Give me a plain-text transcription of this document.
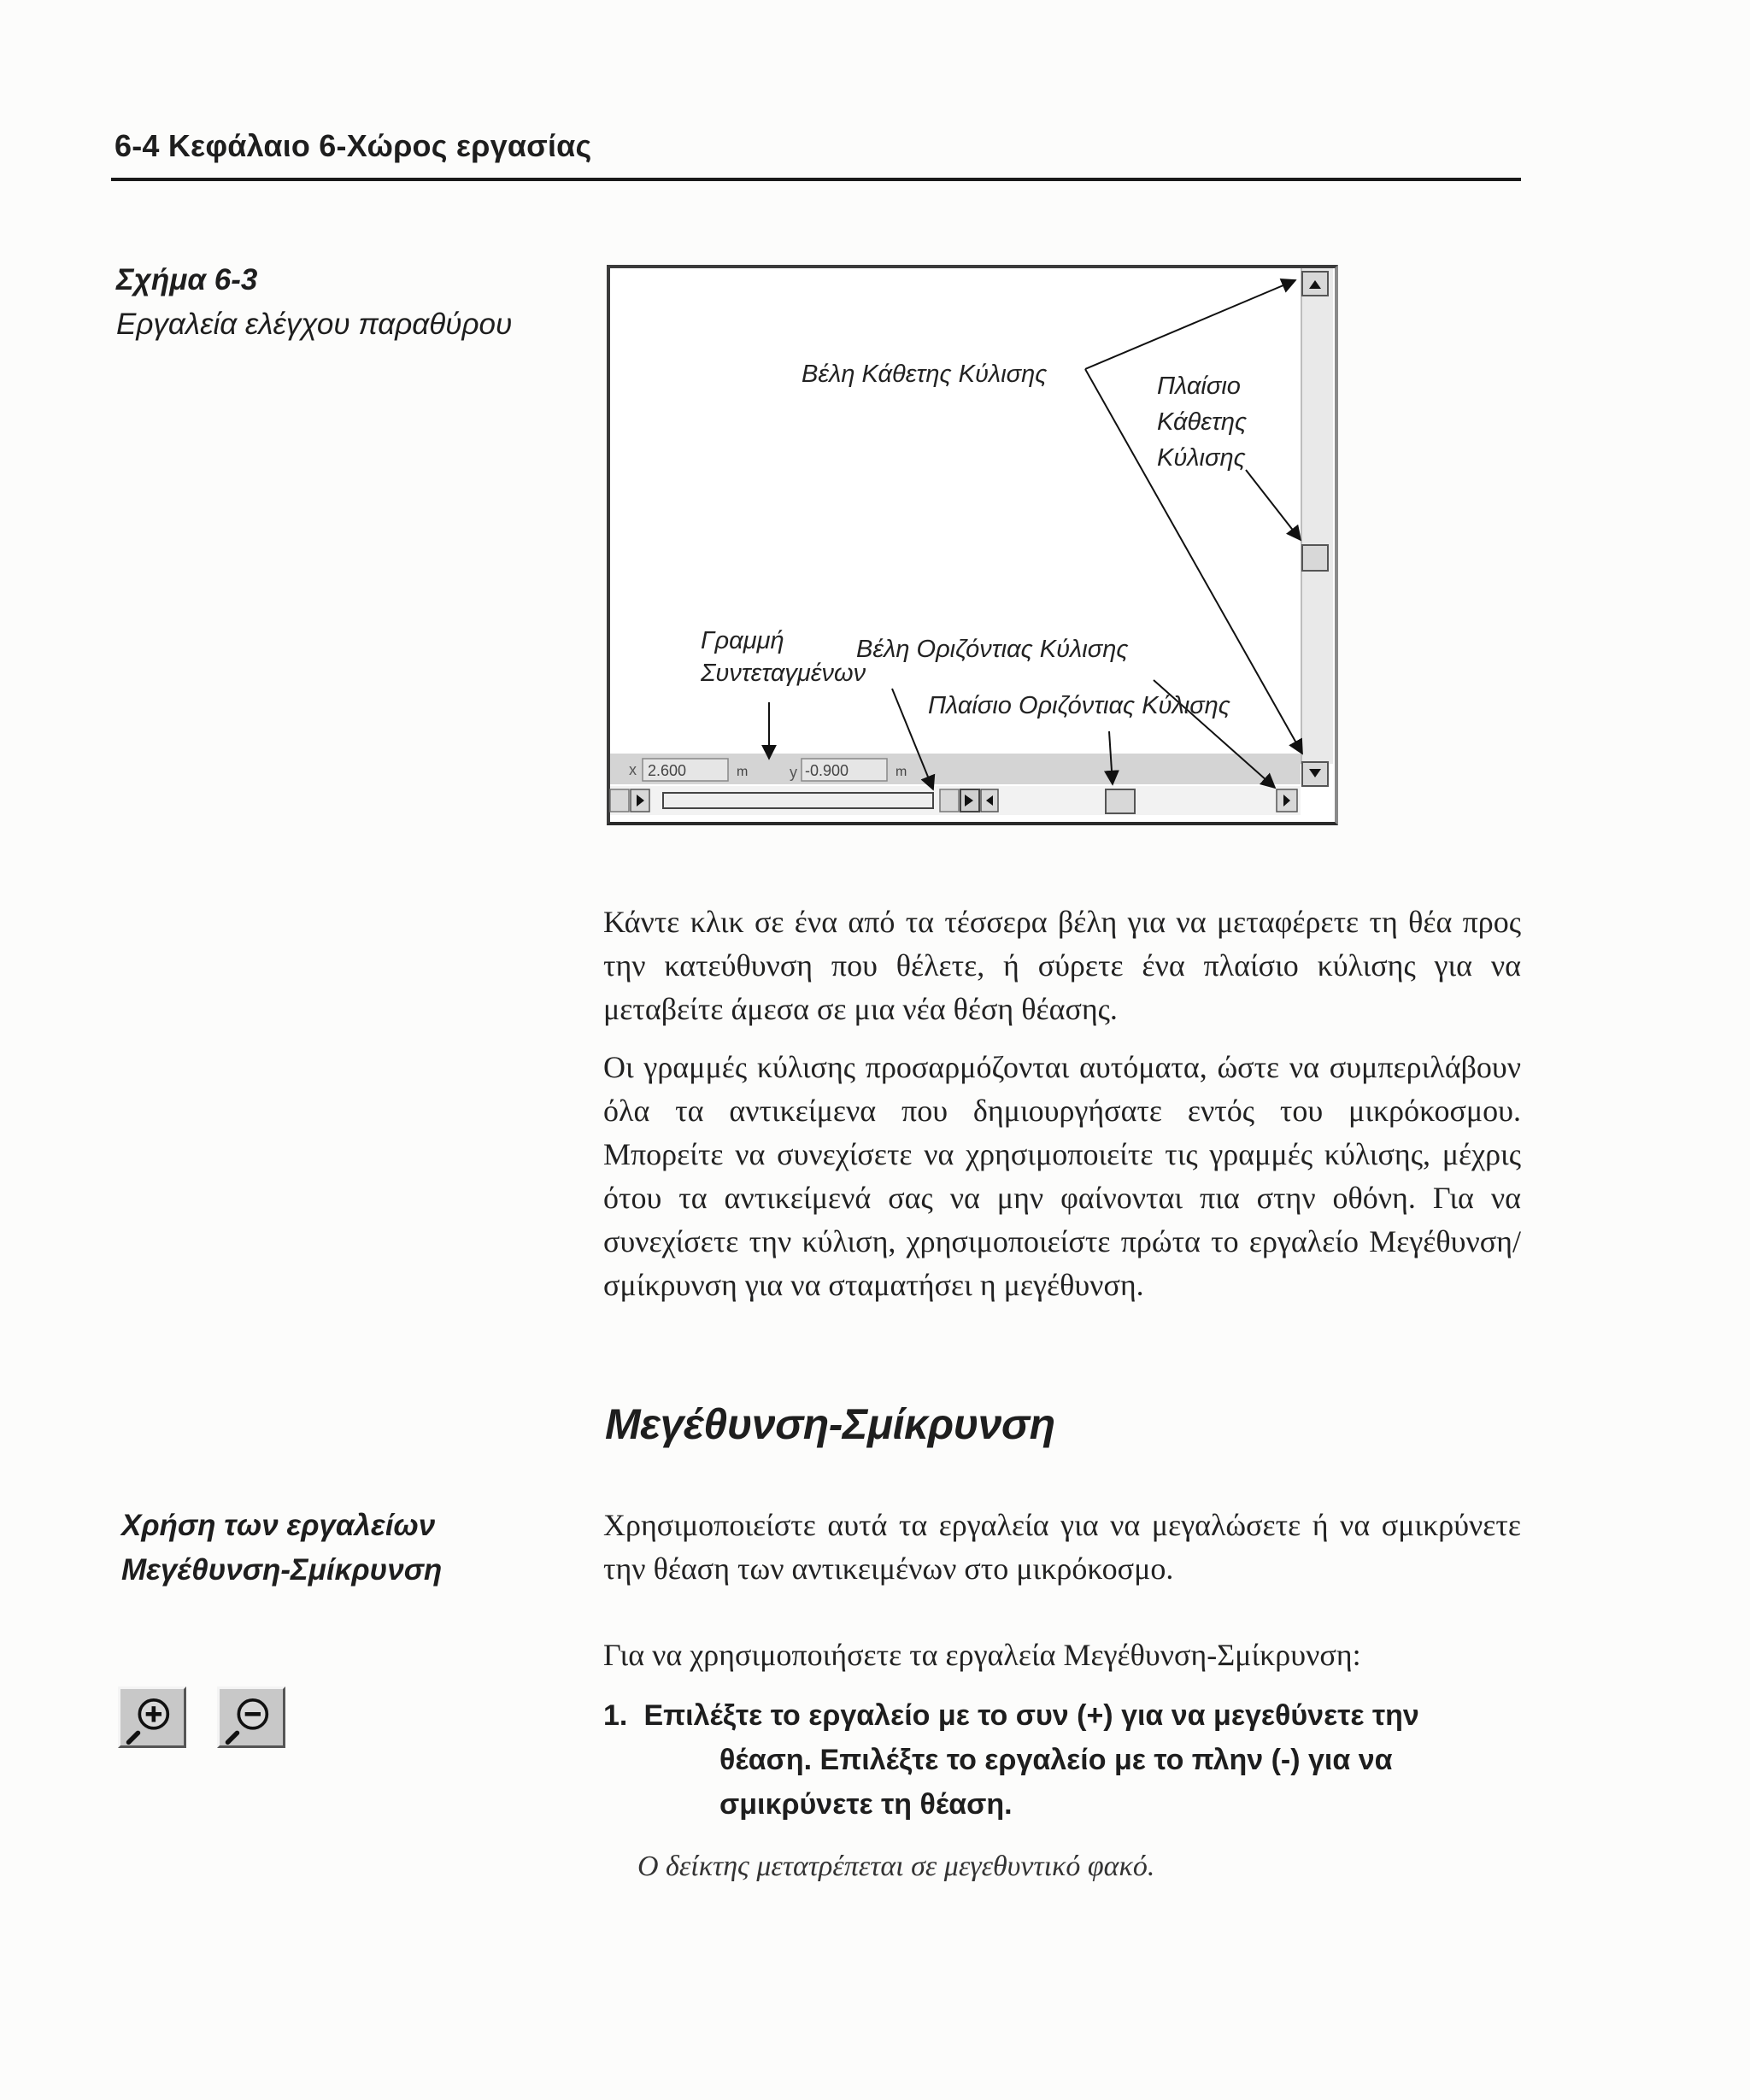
6-4 Κεφάλαιο 6-Χώρος εργασίας
Σχήμα 6-3
Εργαλεία ελέγχου παραθύρου
x 2.600	m	y -0.900	m
Βέλη Κάθετης Κύλισης	Πλαίσιο
Κάθετης
Κύλισης
Γραμμή
Συντεταγμένων
Βέλη Οριζόντιας Κύλισης
Πλαίσιο Οριζόντιας Κύλισης
Κάντε κλικ σε ένα από τα τέσσερα βέλη για να μεταφέρετε τη θέα προς την κατεύθυνση που θέλετε, ή σύρετε ένα πλαίσιο κύλισης για να μεταβείτε άμεσα σε μια νέα θέση θέασης.
Οι γραμμές κύλισης προσαρμόζονται αυτόματα, ώστε να συμπεριλάβουν όλα τα αντικείμενα που δημιουργήσατε εντός του μικρόκοσμου. Μπορείτε να συνεχίσετε να χρησιμοποιείτε τις γραμμές κύλισης, μέχρις ότου τα αντικείμενά σας να μην φαίνονται πια στην οθόνη. Για να συνεχίσετε την κύλιση, χρησιμοποιείστε πρώτα το εργαλείο Μεγέθυνση/σμίκρυνση για να σταματήσει η μεγέθυνση.
Μεγέθυνση-Σμίκρυνση
Χρήση των εργαλείων Μεγέθυνση-Σμίκρυνση
Χρησιμοποιείστε αυτά τα εργαλεία για να μεγαλώσετε ή να σμικρύνετε την θέαση των αντικειμένων στο μικρόκοσμο.
Για να χρησιμοποιήσετε τα εργαλεία Μεγέθυνση-Σμίκρυνση:
1. Επιλέξτε το εργαλείο με το συν (+) για να μεγεθύνετε την
θέαση. Επιλέξτε το εργαλείο με το πλην (-) για να σμικρύνετε τη θέαση.
Ο δείκτης μετατρέπεται σε μεγεθυντικό φακό.
